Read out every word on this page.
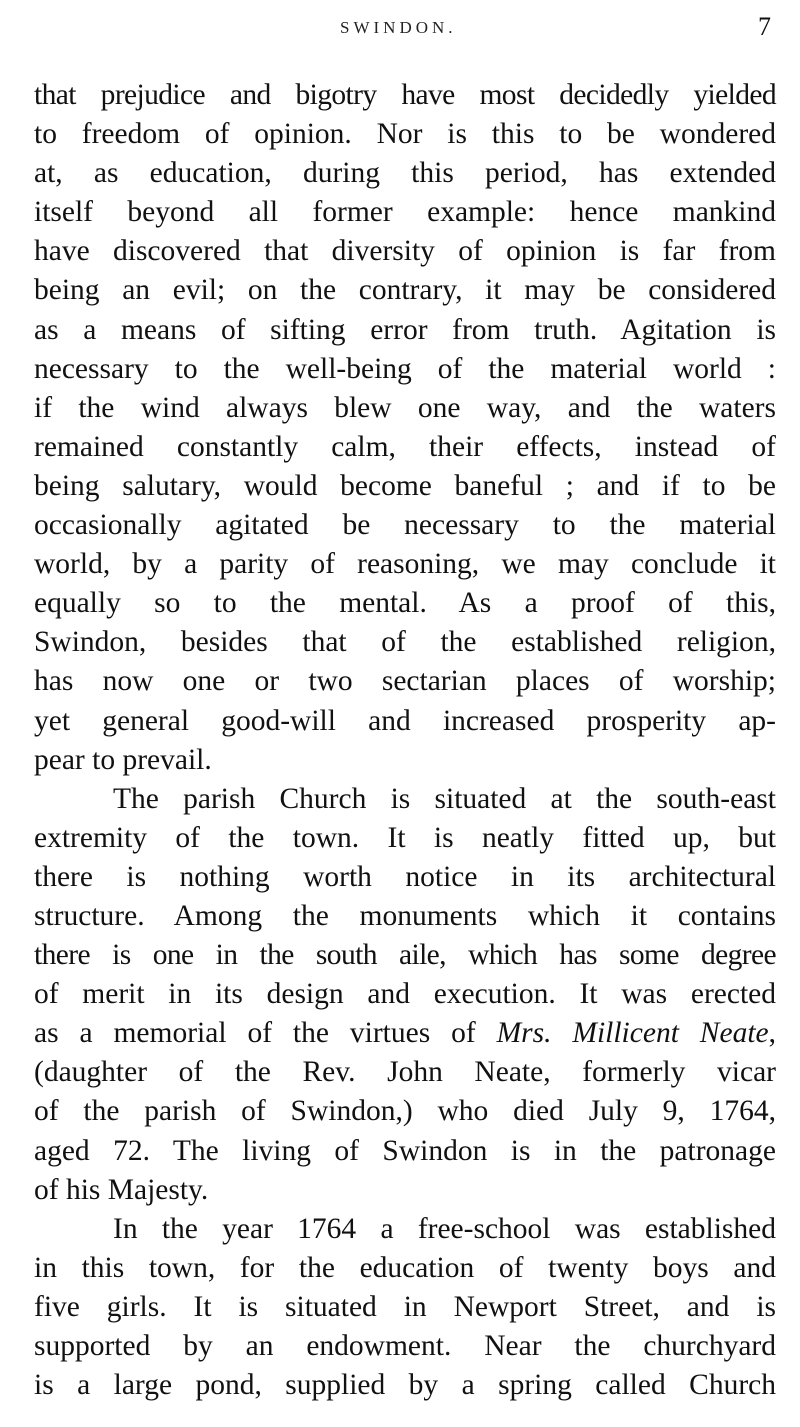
SWINDON.	7
that prejudice and bigotry have most decidedly yielded
to freedom of opinion. Nor is this to be wondered
at, as education, during this period, has extended
itself beyond all former example: hence mankind
have discovered that diversity of opinion is far from
being an evil; on the contrary, it may be considered
as a means of sifting error from truth. Agitation is
necessary to the well-being of the material world :
if the wind always blew one way, and the waters
remained constantly calm, their effects, instead of
being salutary, would become baneful ; and if to be
occasionally agitated be necessary to the material
world, by a parity of reasoning, we may conclude it
equally so to the mental. As a proof of this,
Swindon, besides that of the established religion,
has now one or two sectarian places of worship;
yet general good-will and increased prosperity ap-
pear to prevail.
The parish Church is situated at the south-east
extremity of the town. It is neatly fitted up, but
there is nothing worth notice in its architectural
structure. Among the monuments which it contains
there is one in the south aile, which has some degree
of merit in its design and execution. It was erected
as a memorial of the virtues of Mrs. Millicent Neate,
(daughter of the Rev. John Neate, formerly vicar
of the parish of Swindon,) who died July 9, 1764,
aged 72. The living of Swindon is in the patronage
of his Majesty.
In the year 1764 a free-school was established
in this town, for the education of twenty boys and
five girls. It is situated in Newport Street, and is
supported by an endowment. Near the churchyard
is a large pond, supplied by a spring called Church
